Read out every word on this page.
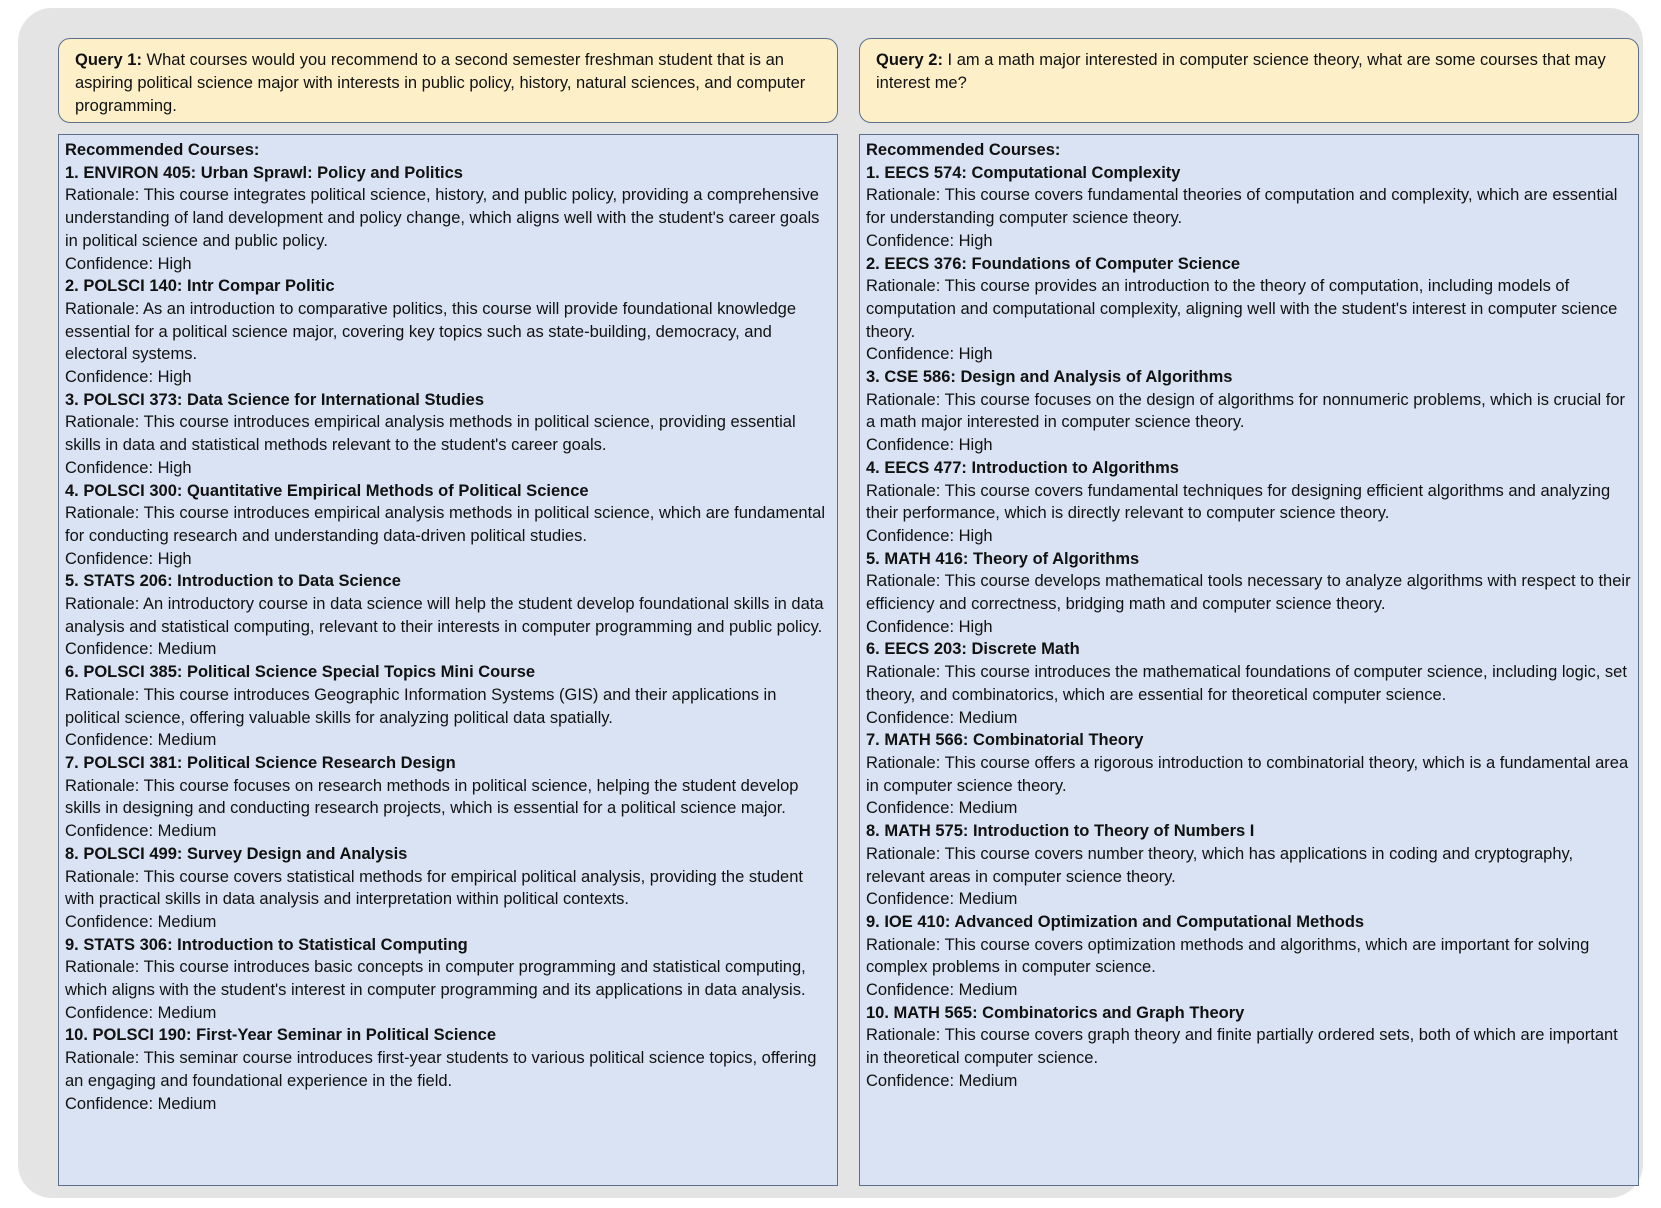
Query 1: What courses would you recommend to a second semester freshman student that is an aspiring political science major with interests in public policy, history, natural sciences, and computer programming.
Recommended Courses:
1. ENVIRON 405: Urban Sprawl: Policy and Politics
Rationale: This course integrates political science, history, and public policy, providing a comprehensive understanding of land development and policy change, which aligns well with the student's career goals in political science and public policy.
Confidence: High
2. POLSCI 140: Intr Compar Politic
Rationale: As an introduction to comparative politics, this course will provide foundational knowledge essential for a political science major, covering key topics such as state-building, democracy, and electoral systems.
Confidence: High
3. POLSCI 373: Data Science for International Studies
Rationale: This course introduces empirical analysis methods in political science, providing essential skills in data and statistical methods relevant to the student's career goals.
Confidence: High
4. POLSCI 300: Quantitative Empirical Methods of Political Science
Rationale: This course introduces empirical analysis methods in political science, which are fundamental for conducting research and understanding data-driven political studies.
Confidence: High
5. STATS 206: Introduction to Data Science
Rationale: An introductory course in data science will help the student develop foundational skills in data analysis and statistical computing, relevant to their interests in computer programming and public policy.
Confidence: Medium
6. POLSCI 385: Political Science Special Topics Mini Course
Rationale: This course introduces Geographic Information Systems (GIS) and their applications in political science, offering valuable skills for analyzing political data spatially.
Confidence: Medium
7. POLSCI 381: Political Science Research Design
Rationale: This course focuses on research methods in political science, helping the student develop skills in designing and conducting research projects, which is essential for a political science major.
Confidence: Medium
8. POLSCI 499: Survey Design and Analysis
Rationale: This course covers statistical methods for empirical political analysis, providing the student with practical skills in data analysis and interpretation within political contexts.
Confidence: Medium
9. STATS 306: Introduction to Statistical Computing
Rationale: This course introduces basic concepts in computer programming and statistical computing, which aligns with the student's interest in computer programming and its applications in data analysis.
Confidence: Medium
10. POLSCI 190: First-Year Seminar in Political Science
Rationale: This seminar course introduces first-year students to various political science topics, offering an engaging and foundational experience in the field.
Confidence: Medium
Query 2: I am a math major interested in computer science theory, what are some courses that may interest me?
Recommended Courses:
1. EECS 574: Computational Complexity
Rationale: This course covers fundamental theories of computation and complexity, which are essential for understanding computer science theory.
Confidence: High
2. EECS 376: Foundations of Computer Science
Rationale: This course provides an introduction to the theory of computation, including models of computation and computational complexity, aligning well with the student's interest in computer science theory.
Confidence: High
3. CSE 586: Design and Analysis of Algorithms
Rationale: This course focuses on the design of algorithms for nonnumeric problems, which is crucial for a math major interested in computer science theory.
Confidence: High
4. EECS 477: Introduction to Algorithms
Rationale: This course covers fundamental techniques for designing efficient algorithms and analyzing their performance, which is directly relevant to computer science theory.
Confidence: High
5. MATH 416: Theory of Algorithms
Rationale: This course develops mathematical tools necessary to analyze algorithms with respect to their efficiency and correctness, bridging math and computer science theory.
Confidence: High
6. EECS 203: Discrete Math
Rationale: This course introduces the mathematical foundations of computer science, including logic, set theory, and combinatorics, which are essential for theoretical computer science.
Confidence: Medium
7. MATH 566: Combinatorial Theory
Rationale: This course offers a rigorous introduction to combinatorial theory, which is a fundamental area in computer science theory.
Confidence: Medium
8. MATH 575: Introduction to Theory of Numbers I
Rationale: This course covers number theory, which has applications in coding and cryptography, relevant areas in computer science theory.
Confidence: Medium
9. IOE 410: Advanced Optimization and Computational Methods
Rationale: This course covers optimization methods and algorithms, which are important for solving complex problems in computer science.
Confidence: Medium
10. MATH 565: Combinatorics and Graph Theory
Rationale: This course covers graph theory and finite partially ordered sets, both of which are important in theoretical computer science.
Confidence: Medium
